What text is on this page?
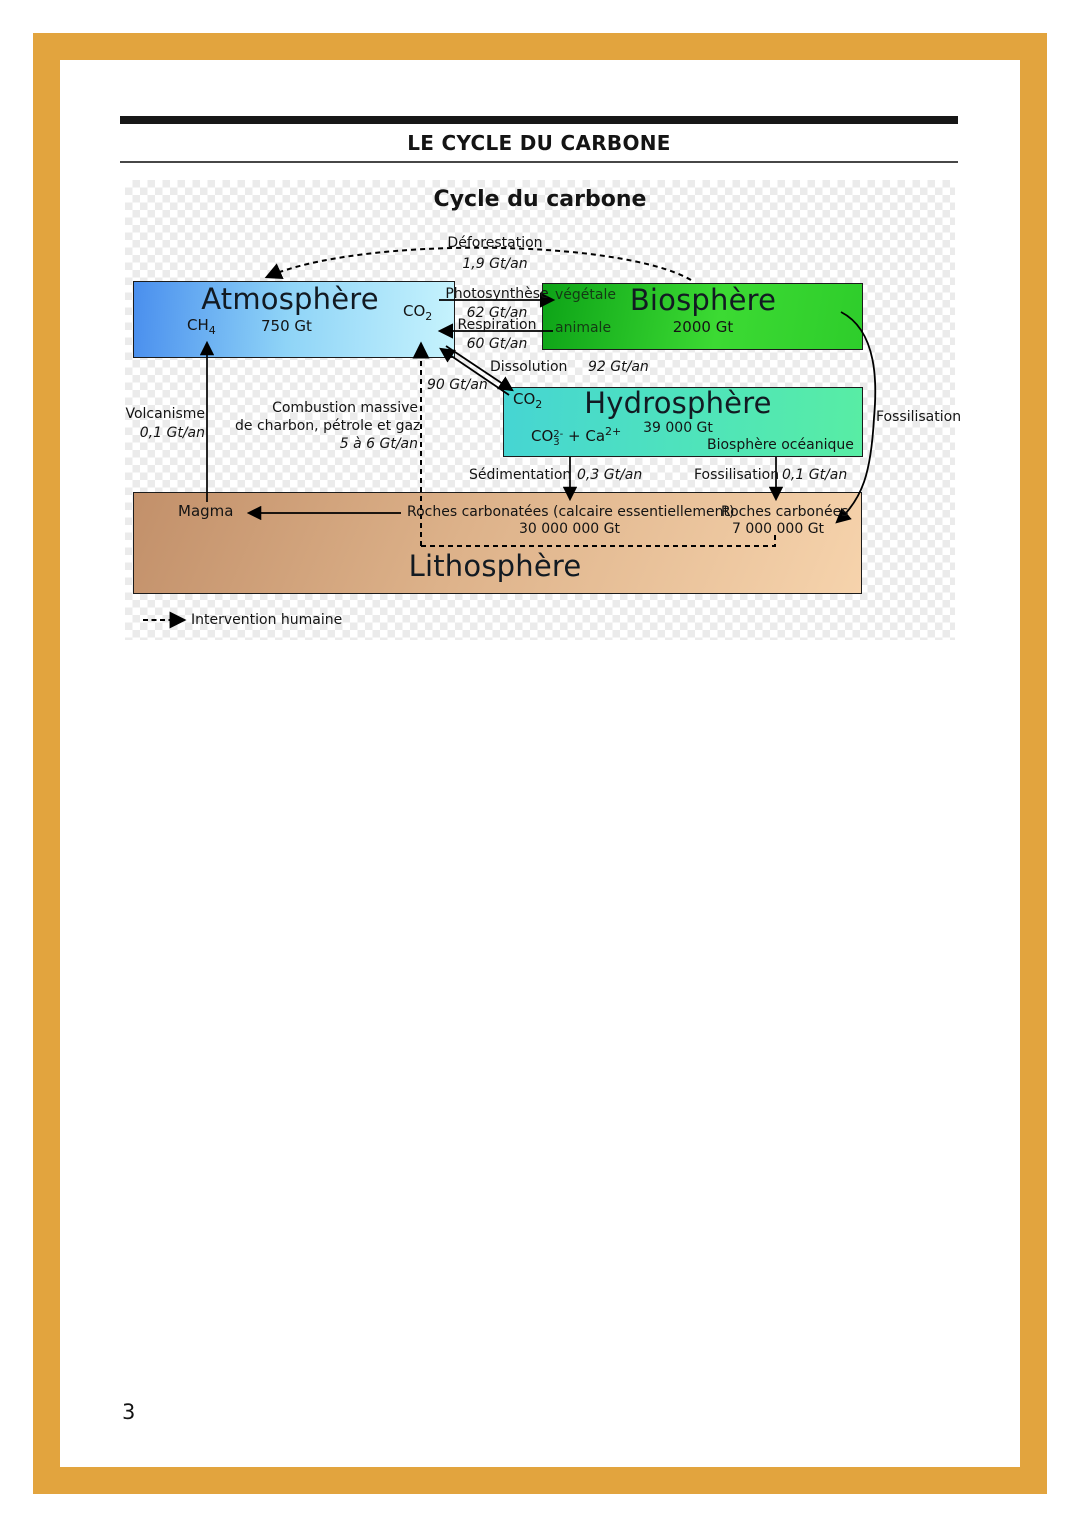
LE CYCLE DU CARBONE
Cycle du carbone
Déforestation
1,9 Gt/an
Atmosphère
$CH_4$	750 Gt
$CO_2$
Photosynthèse
62 Gt/an
Respiration
60 Gt/an
végétale
animale
Biosphère
2000 Gt
Dissolution 92 Gt/an
90 Gt/an
$CO_2$	Hydrosphère
39 000 Gt
CO 2-
$3 + Ca^{2+}$
Biosphère océanique
Volcanisme
0,1 Gt/an
Combustion massive
de charbon, pétrole et gaz
5 à 6 Gt/an
Sédimentation 0,3 Gt/an	Fossilisation 0,1 Gt/an
Fossilisation
Magma	Roches carbonatées (calcaire essentiellement)
Roches carbonées
30 000 000 Gt	7 000 000 Gt
Lithosphère
Intervention humaine
3
